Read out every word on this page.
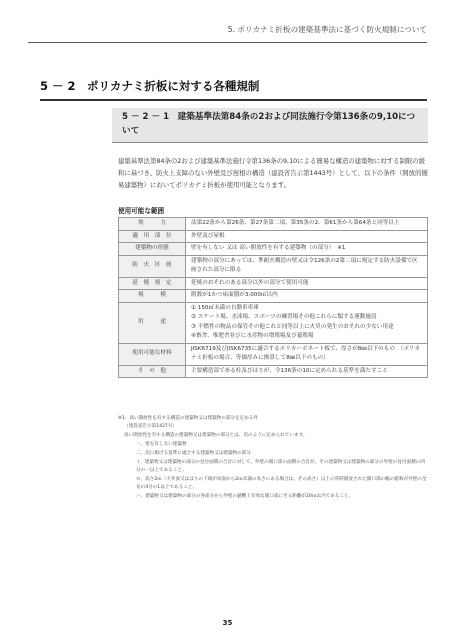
5. ポリカナミ折板の建築基準法に基づく防火規制について
5 － 2　ポリカナミ折板に対する各種規制
5 － 2 － 1　建築基準法第84条の2および同法施行令第136条の9,10について
建築基準法第84条の2および建築基準法施行令第136条の9,10による簡易な構造の建築物に対する制限の緩和に基づき、防火上支障のない外壁及び屋根の構造（建設省告示第1443号）として、以下の条件（開放的簡易建築物）においてポリカナミ折板が使用可能となります。
使用可能な範囲
効　　　力	法第22条から第26条、第27条第二項、第35条の2、第61条から第64条と同等以上
適　用　部　位	外壁及び屋根
建築物の形態	壁を有しない 又は 高い開放性を有する建築物（の部分）　※1
防　火　区　画	建築物の部分にあっては、準耐火構造の壁又は令126条の2第二項に規定する防火設備で区画された部分に限る
延　焼　規　定	延焼のおそれのある部分以外の部分で使用可能
規　　　模	階数が1かつ床面積が3,000㎡以内
用　　　途	① 150㎡未満の自動車車庫
② スケート場、水泳場、スポーツの練習場その他これらに類する運動施設
③ 不燃性の物品の保管その他これと同等以上に火災の発生のおそれの少ない用途
④畜舎、堆肥舎並びに水産物の増殖場及び養殖場
使用可能な材料	JISK6719及びJISK6735に適合するポリカーボネート板で、厚さが8㎜以下のもの　（ポリカナミ折板の場合、等価厚みに換算して8㎜以下のもの）
そ　の　他	主要構造部である柱及びはりが、令136条の10に定められる基準を満たすこと
※1：高い開放性を有する構造の建築物又は建築物の部分を定める件
（建設省告示第1427号）
高い開放性を有する構造の建築物又は建築物の部分とは、次のように定められています。
一、壁を有しない建築物
二、次に掲げる基準に適合する建築物又は建築物の部分
イ、建築物又は建築物の部分の見付面積の合計に対して、外壁の開口部の面積の合計が、その建築物又は建築物の部分の外壁の見付面積の四分の一以上であること。
ロ、高さ2ｍ（天井面又ははりの下端が床面から2ｍ未満の高さにある場合は、その高さ）以上の常時開放された開口部の幅の総和が外壁の全長の4分の1以上であること。
ハ、建築物又は建築物の部分の各部分から外壁の避難上有効な開口部に至る距離が20ｍ以内であること。
35
